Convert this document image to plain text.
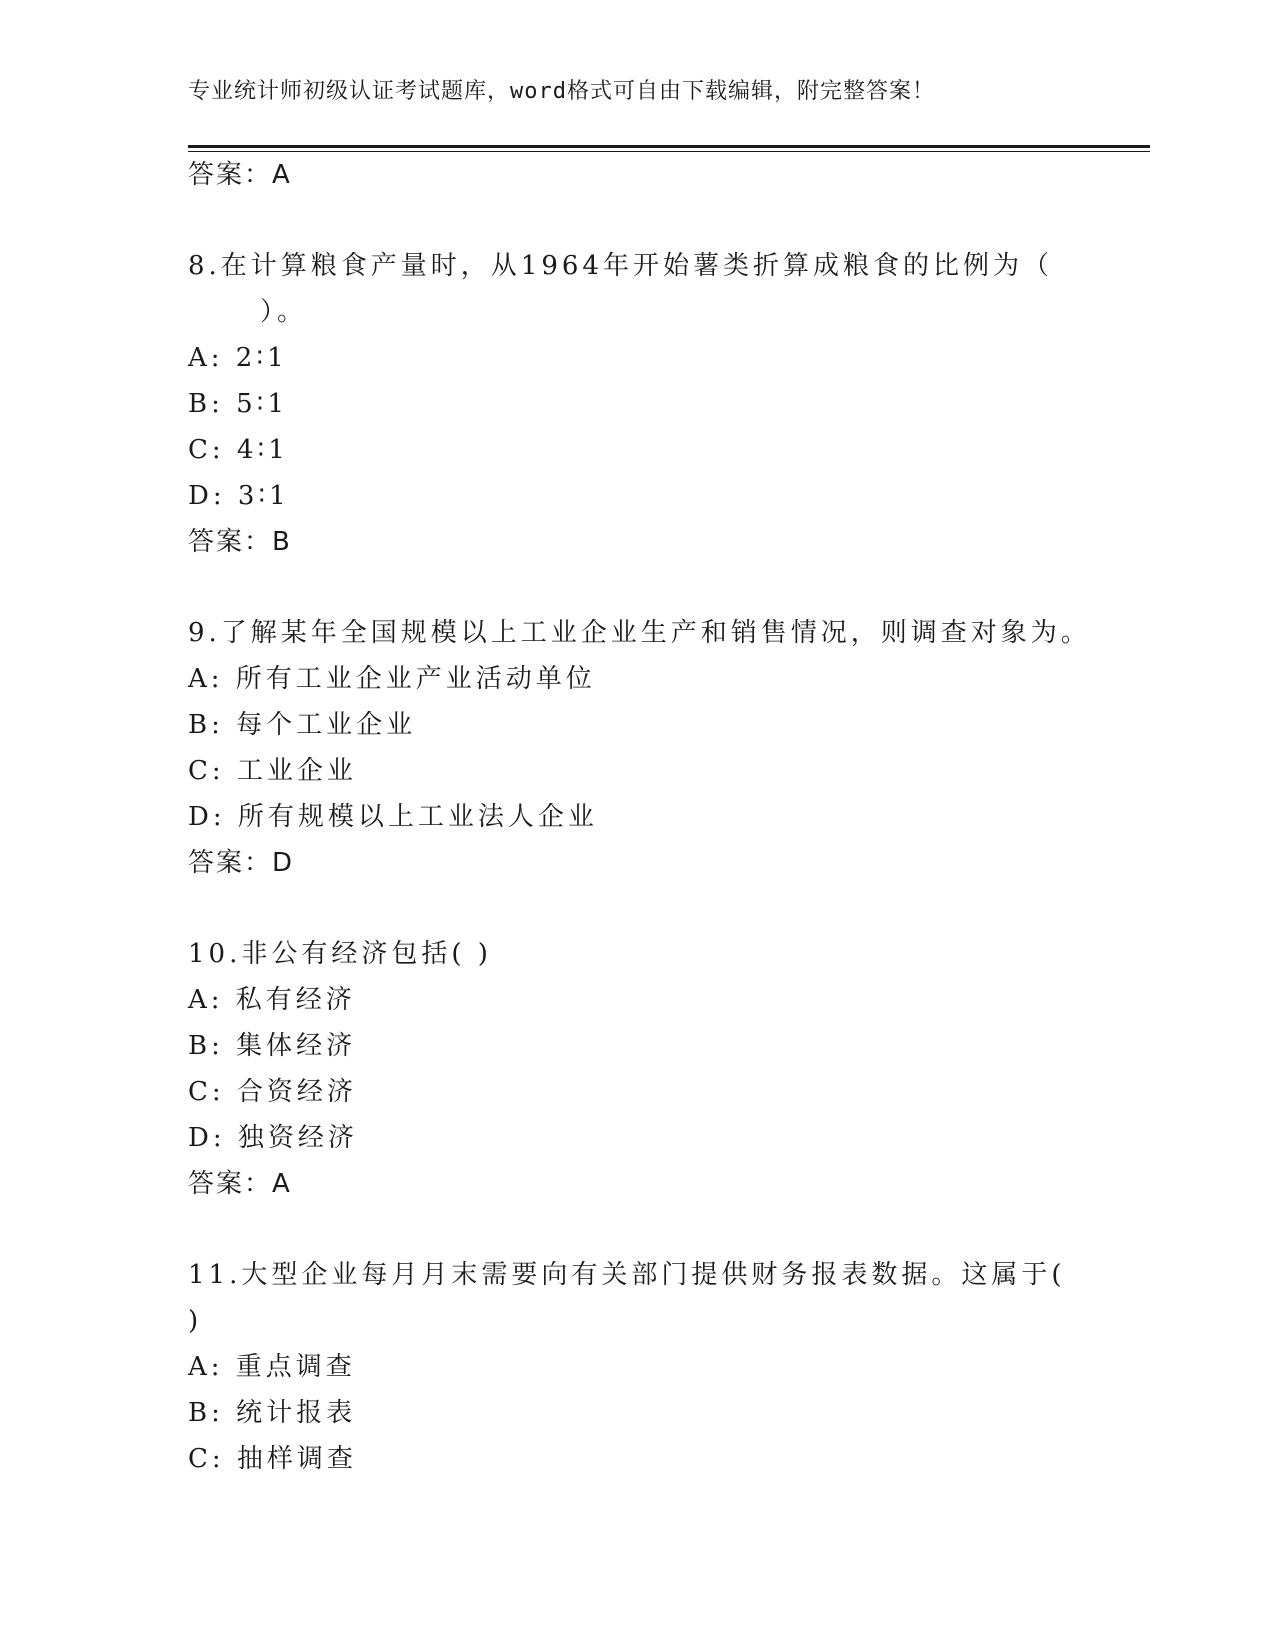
专业统计师初级认证考试题库，word格式可自由下载编辑，附完整答案！
答案：A
8.在计算粮食产量时，从1964年开始薯类折算成粮食的比例为（
）。
A: 2∶1
B: 5∶1
C: 4∶1
D: 3∶1
答案：B
9.了解某年全国规模以上工业企业生产和销售情况，则调查对象为。
A: 所有工业企业产业活动单位
B: 每个工业企业
C: 工业企业
D: 所有规模以上工业法人企业
答案：D
10.非公有经济包括( )
A: 私有经济
B: 集体经济
C: 合资经济
D: 独资经济
答案：A
11.大型企业每月月末需要向有关部门提供财务报表数据。这属于(
)
A: 重点调查
B: 统计报表
C: 抽样调查
